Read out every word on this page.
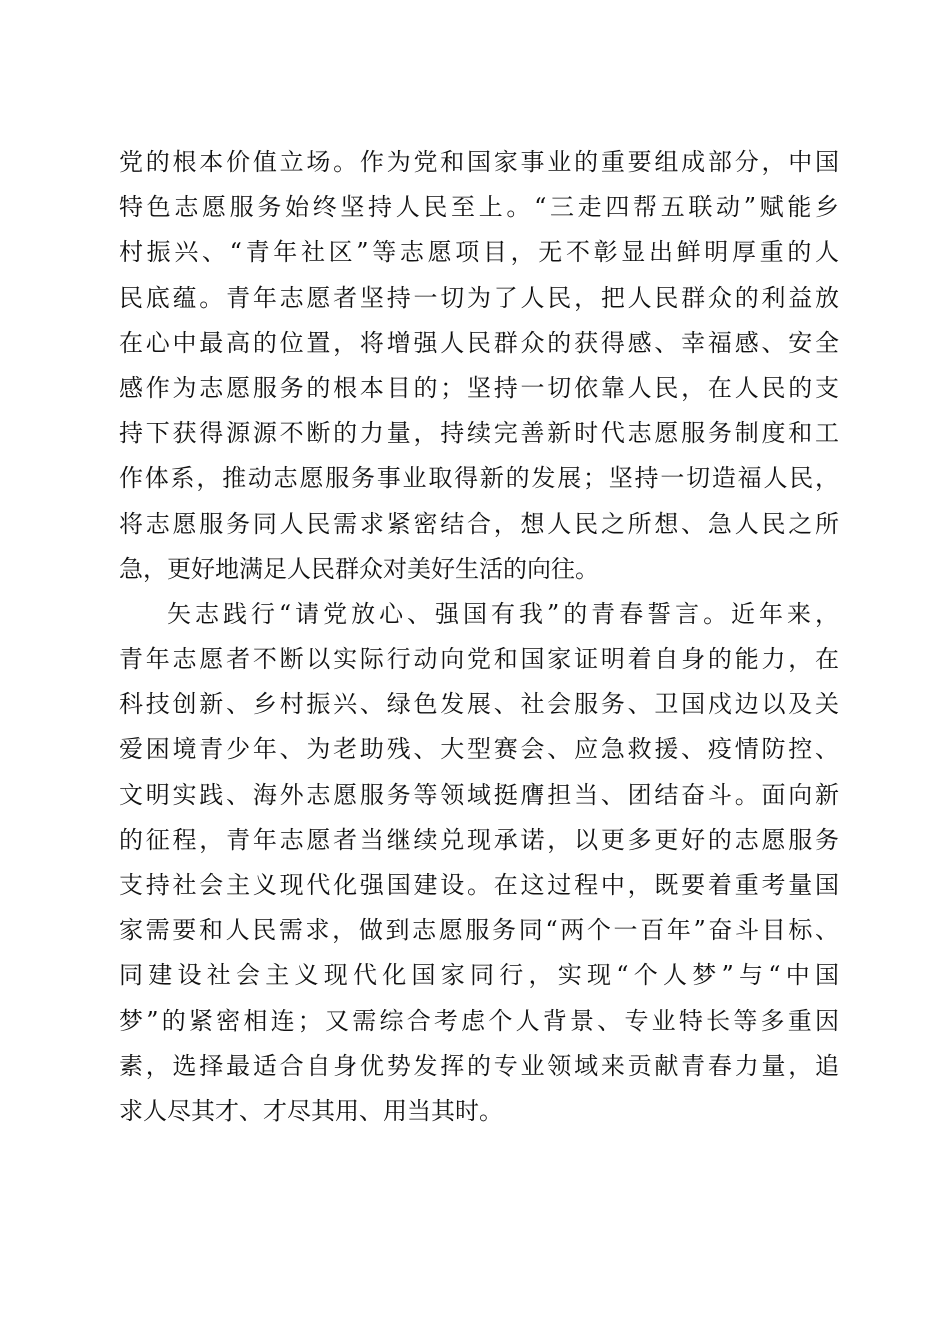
党的根本价值立场。作为党和国家事业的重要组成部分，中国
特色志愿服务始终坚持人民至上。“三走四帮五联动”赋能乡
村振兴、“青年社区”等志愿项目，无不彰显出鲜明厚重的人
民底蕴。青年志愿者坚持一切为了人民，把人民群众的利益放
在心中最高的位置，将增强人民群众的获得感、幸福感、安全
感作为志愿服务的根本目的；坚持一切依靠人民，在人民的支
持下获得源源不断的力量，持续完善新时代志愿服务制度和工
作体系，推动志愿服务事业取得新的发展；坚持一切造福人民，
将志愿服务同人民需求紧密结合，想人民之所想、急人民之所
急，更好地满足人民群众对美好生活的向往。
矢志践行“请党放心、强国有我”的青春誓言。近年来，
青年志愿者不断以实际行动向党和国家证明着自身的能力，在
科技创新、乡村振兴、绿色发展、社会服务、卫国戍边以及关
爱困境青少年、为老助残、大型赛会、应急救援、疫情防控、
文明实践、海外志愿服务等领域挺膺担当、团结奋斗。面向新
的征程，青年志愿者当继续兑现承诺，以更多更好的志愿服务
支持社会主义现代化强国建设。在这过程中，既要着重考量国
家需要和人民需求，做到志愿服务同“两个一百年”奋斗目标、
同建设社会主义现代化国家同行，实现“个人梦”与“中国
梦”的紧密相连；又需综合考虑个人背景、专业特长等多重因
素，选择最适合自身优势发挥的专业领域来贡献青春力量，追
求人尽其才、才尽其用、用当其时。
